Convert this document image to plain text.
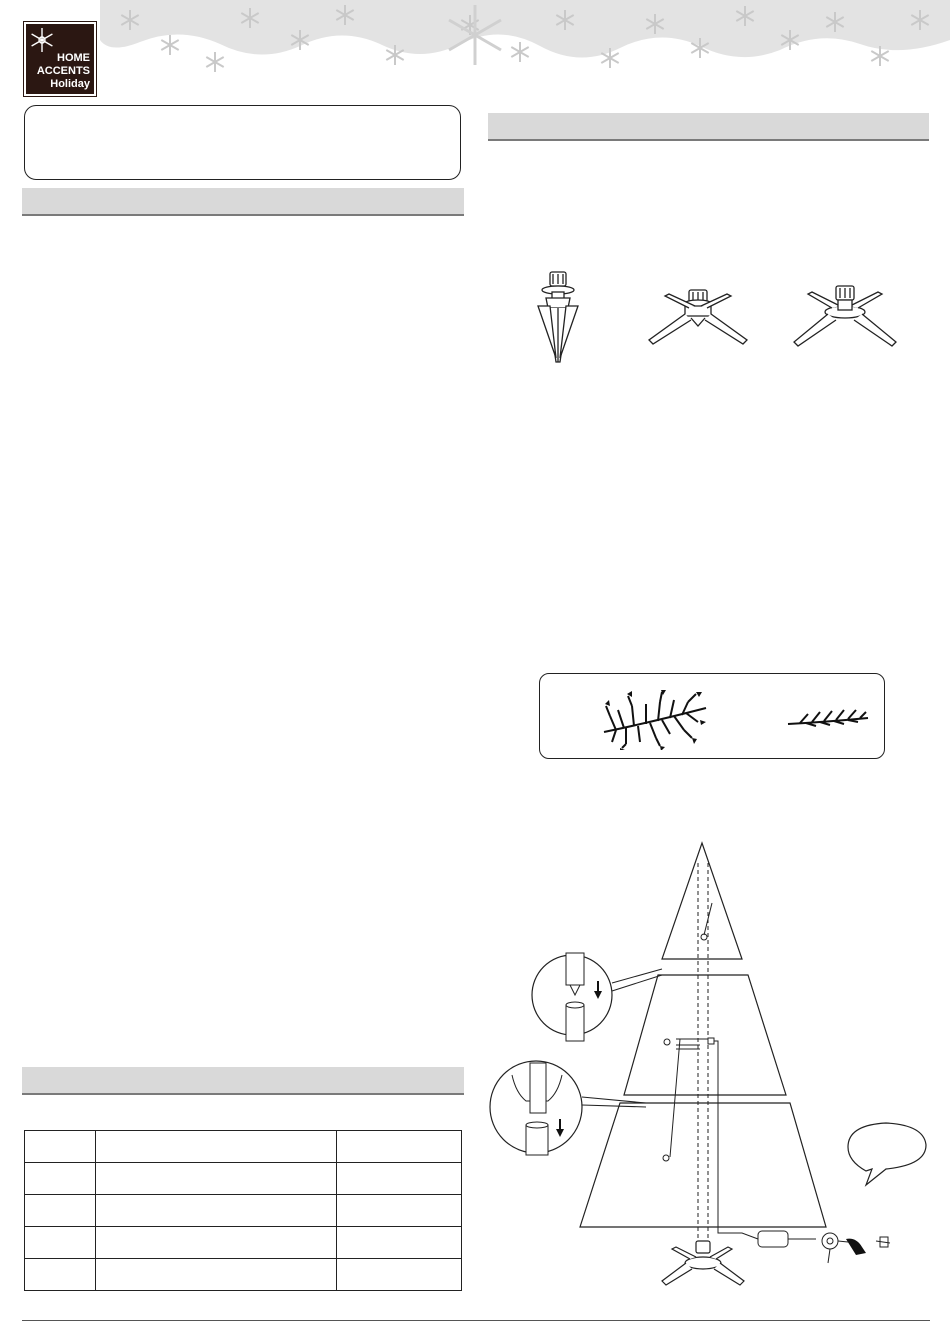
HOME
ACCENTS
Holiday
